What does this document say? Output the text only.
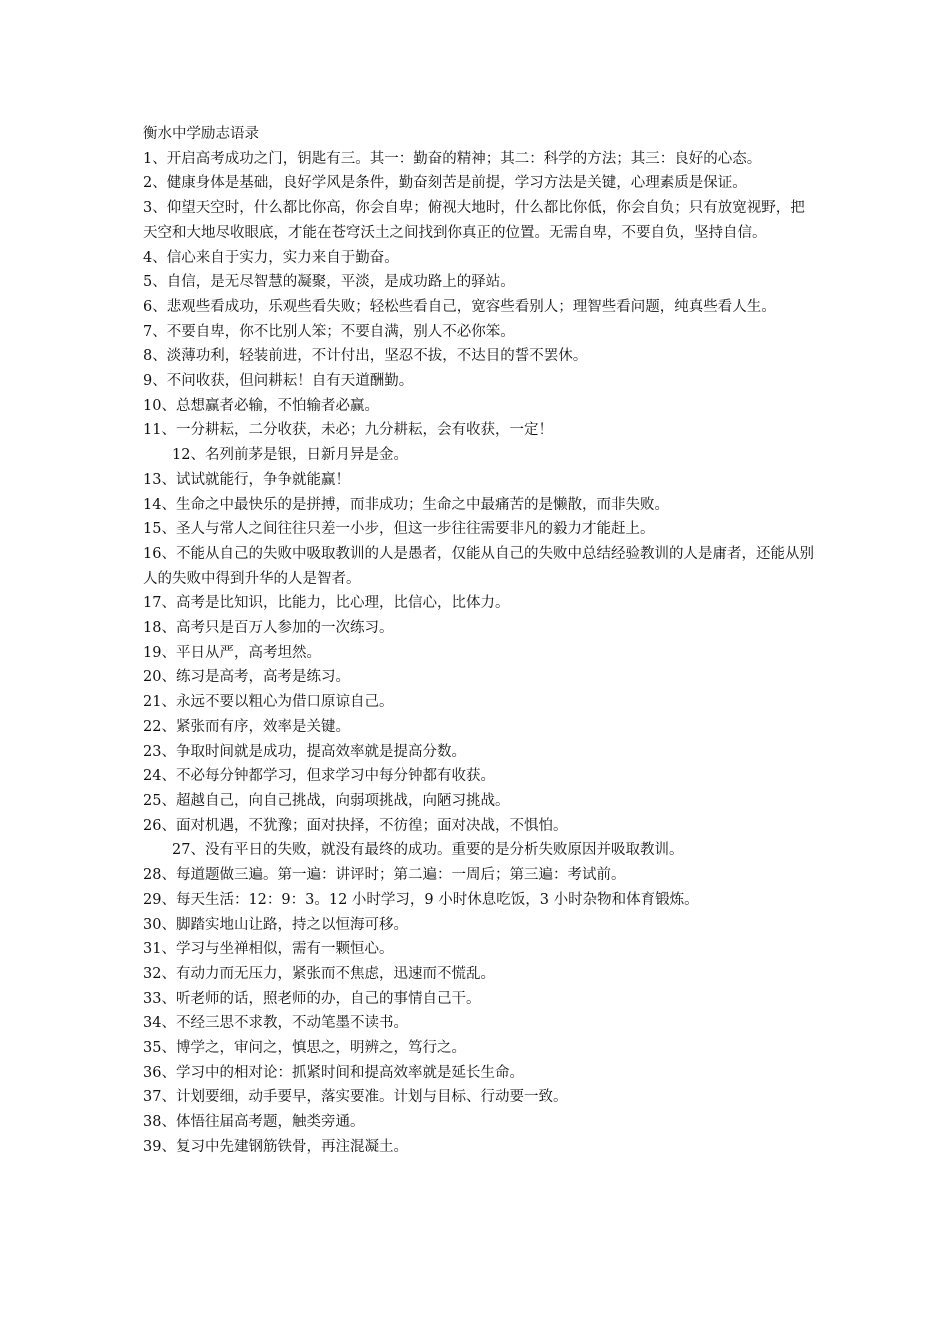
衡水中学励志语录

1、开启高考成功之门，钥匙有三。其一：勤奋的精神；其二：科学的方法；其三：良好的心态。

2、健康身体是基础，良好学风是条件，勤奋刻苦是前提，学习方法是关键，心理素质是保证。

3、仰望天空时，什么都比你高，你会自卑；俯视大地时，什么都比你低，你会自负；只有放宽视野，把天空和大地尽收眼底，才能在苍穹沃土之间找到你真正的位置。无需自卑，不要自负，坚持自信。

4、信心来自于实力，实力来自于勤奋。

5、自信，是无尽智慧的凝聚，平淡，是成功路上的驿站。

6、悲观些看成功，乐观些看失败；轻松些看自己，宽容些看别人；理智些看问题，纯真些看人生。

7、不要自卑，你不比别人笨；不要自满，别人不必你笨。

8、淡薄功利，轻装前进，不计付出，坚忍不拔，不达目的誓不罢休。

9、不问收获，但问耕耘！自有天道酬勤。

10、总想赢者必输，不怕输者必赢。

11、一分耕耘，二分收获，未必；九分耕耘，会有收获，一定！

12、名列前茅是银，日新月异是金。

13、试试就能行，争争就能赢！

14、生命之中最快乐的是拼搏，而非成功；生命之中最痛苦的是懒散，而非失败。

15、圣人与常人之间往往只差一小步，但这一步往往需要非凡的毅力才能赶上。

16、不能从自己的失败中吸取教训的人是愚者，仅能从自己的失败中总结经验教训的人是庸者，还能从别人的失败中得到升华的人是智者。

17、高考是比知识，比能力，比心理，比信心，比体力。

18、高考只是百万人参加的一次练习。

19、平日从严，高考坦然。

20、练习是高考，高考是练习。

21、永远不要以粗心为借口原谅自己。

22、紧张而有序，效率是关键。

23、争取时间就是成功，提高效率就是提高分数。

24、不必每分钟都学习，但求学习中每分钟都有收获。

25、超越自己，向自己挑战，向弱项挑战，向陋习挑战。

26、面对机遇，不犹豫；面对抉择，不彷徨；面对决战，不惧怕。

27、没有平日的失败，就没有最终的成功。重要的是分析失败原因并吸取教训。

28、每道题做三遍。第一遍：讲评时；第二遍：一周后；第三遍：考试前。

29、每天生活：12：9：3。12 小时学习，9 小时休息吃饭，3 小时杂物和体育锻炼。

30、脚踏实地山让路，持之以恒海可移。

31、学习与坐禅相似，需有一颗恒心。

32、有动力而无压力，紧张而不焦虑，迅速而不慌乱。

33、听老师的话，照老师的办，自己的事情自己干。

34、不经三思不求教，不动笔墨不读书。

35、博学之，审问之，慎思之，明辨之，笃行之。

36、学习中的相对论：抓紧时间和提高效率就是延长生命。

37、计划要细，动手要早，落实要准。计划与目标、行动要一致。

38、体悟往届高考题，触类旁通。

39、复习中先建钢筋铁骨，再注混凝土。
